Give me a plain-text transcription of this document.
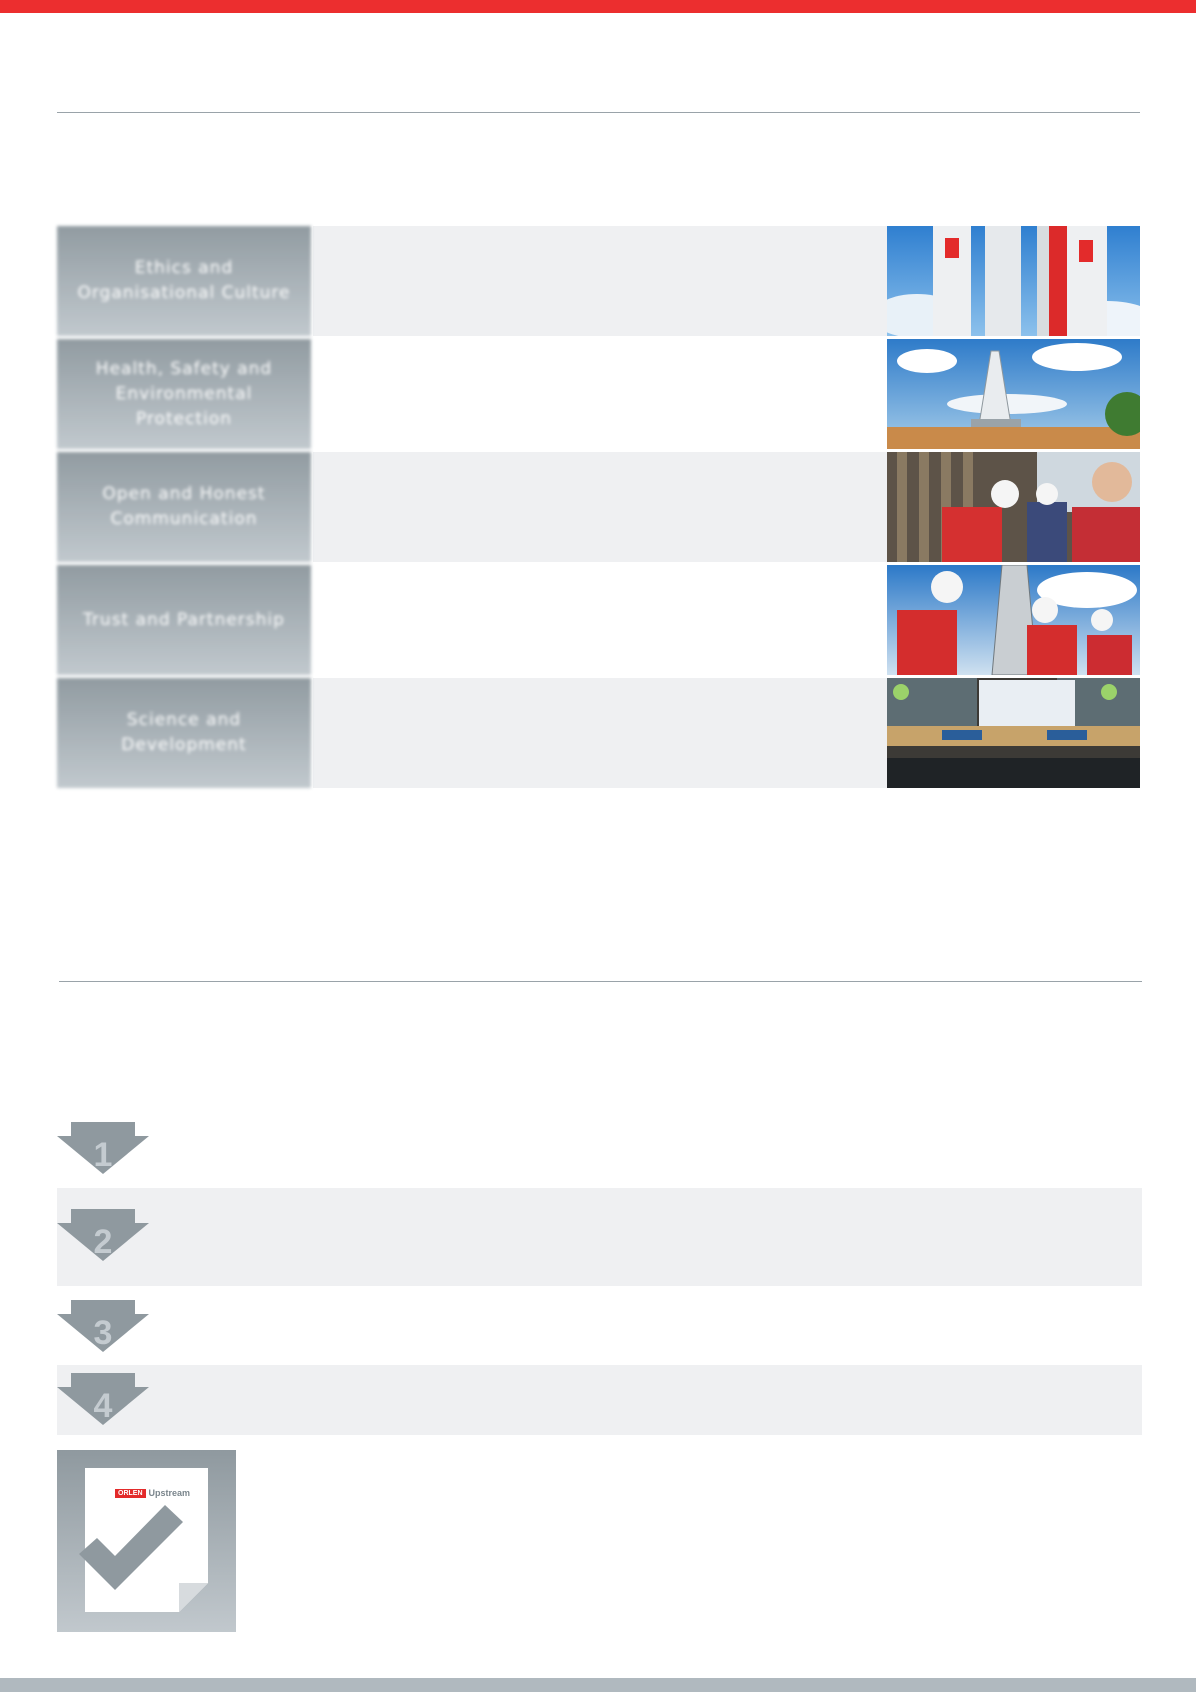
Ethics and Organisational Culture
Health, Safety and Environmental Protection
Open and Honest Communication
Trust and Partnership
Science and Development
1
2
3
4
ORLEN Upstream
